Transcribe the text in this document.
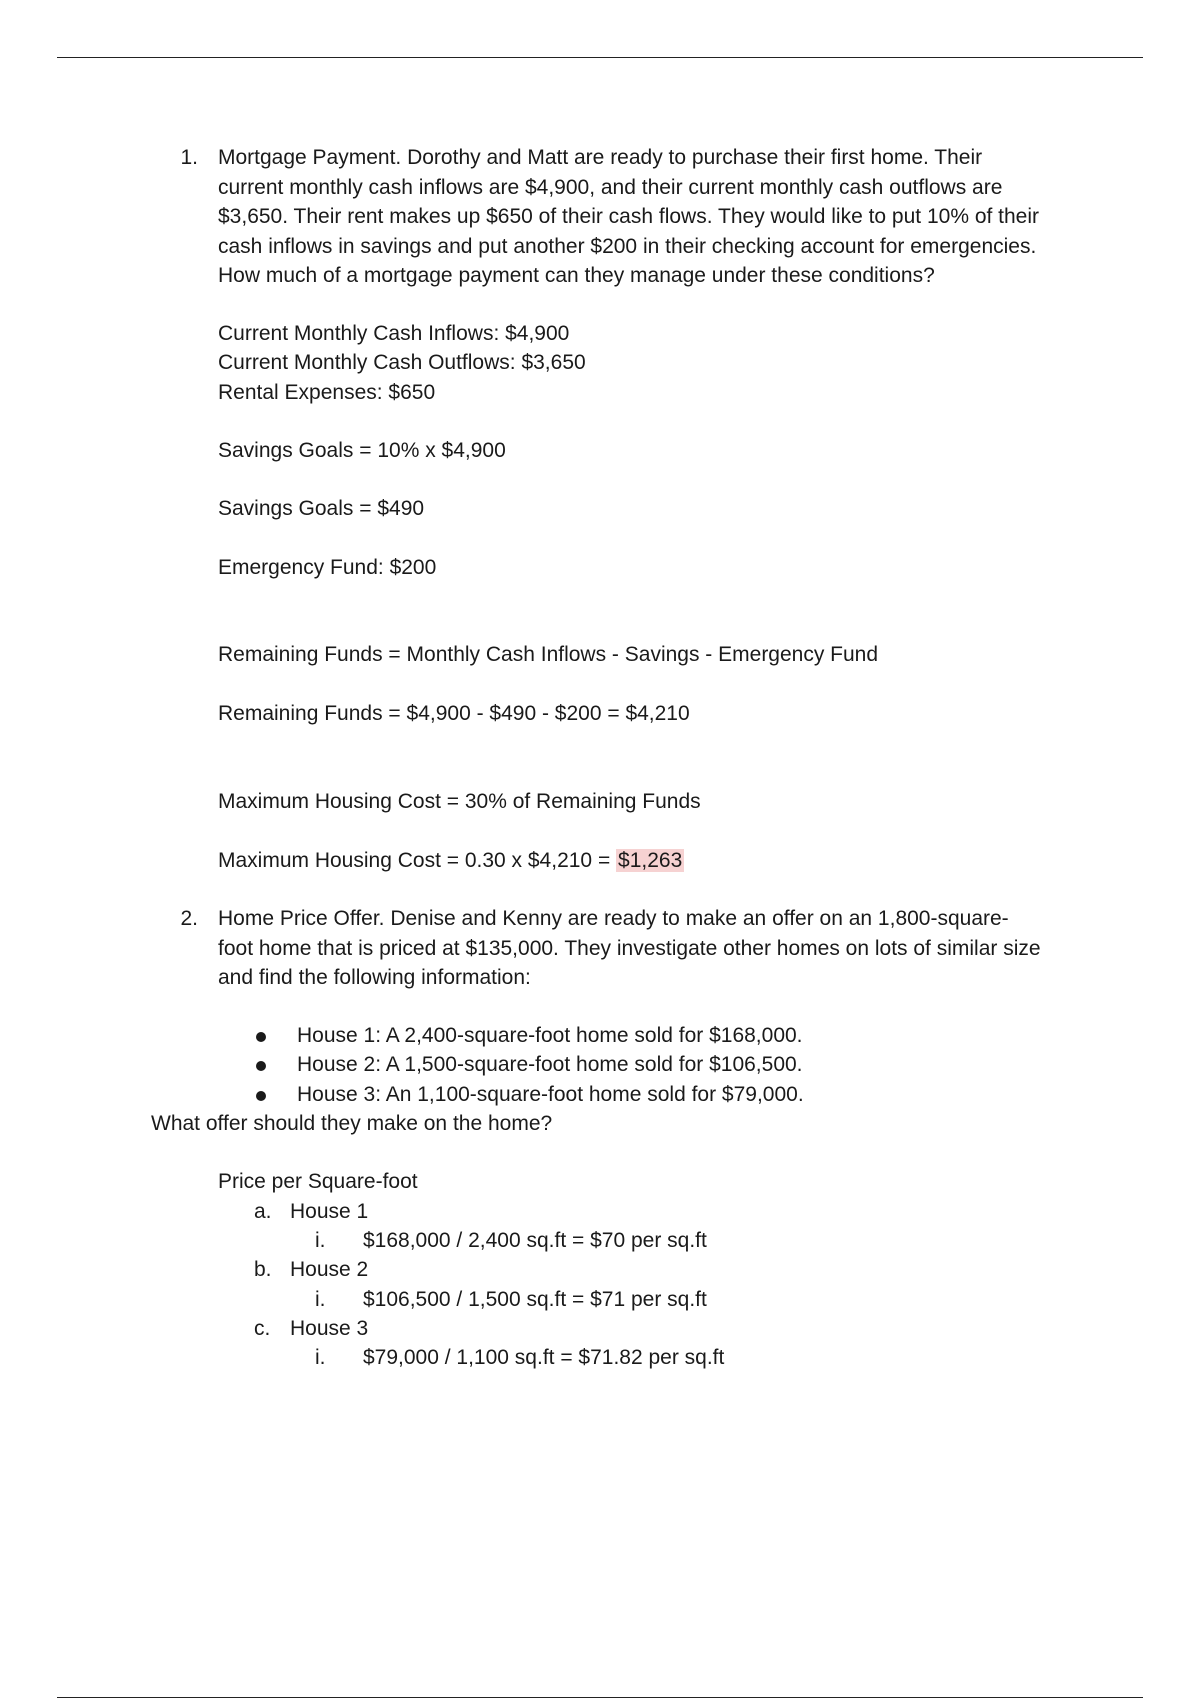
1. Mortgage Payment. Dorothy and Matt are ready to purchase their first home. Their
current monthly cash inflows are $4,900, and their current monthly cash outflows are
$3,650. Their rent makes up $650 of their cash flows. They would like to put 10% of their
cash inflows in savings and put another $200 in their checking account for emergencies.
How much of a mortgage payment can they manage under these conditions?
Current Monthly Cash Inflows: $4,900
Current Monthly Cash Outflows: $3,650
Rental Expenses: $650
Savings Goals = 10% x $4,900
Savings Goals = $490
Emergency Fund: $200
Remaining Funds = Monthly Cash Inflows - Savings - Emergency Fund
Remaining Funds = $4,900 - $490 - $200 = $4,210
Maximum Housing Cost = 30% of Remaining Funds
Maximum Housing Cost = 0.30 x $4,210 = $1,263
2. Home Price Offer. Denise and Kenny are ready to make an offer on an 1,800-square-
foot home that is priced at $135,000. They investigate other homes on lots of similar size
and find the following information:
House 1: A 2,400-square-foot home sold for $168,000.
House 2: A 1,500-square-foot home sold for $106,500.
House 3: An 1,100-square-foot home sold for $79,000.
What offer should they make on the home?
Price per Square-foot
a. House 1
i. $168,000 / 2,400 sq.ft = $70 per sq.ft
b. House 2
i. $106,500 / 1,500 sq.ft = $71 per sq.ft
c. House 3
i. $79,000 / 1,100 sq.ft = $71.82 per sq.ft
